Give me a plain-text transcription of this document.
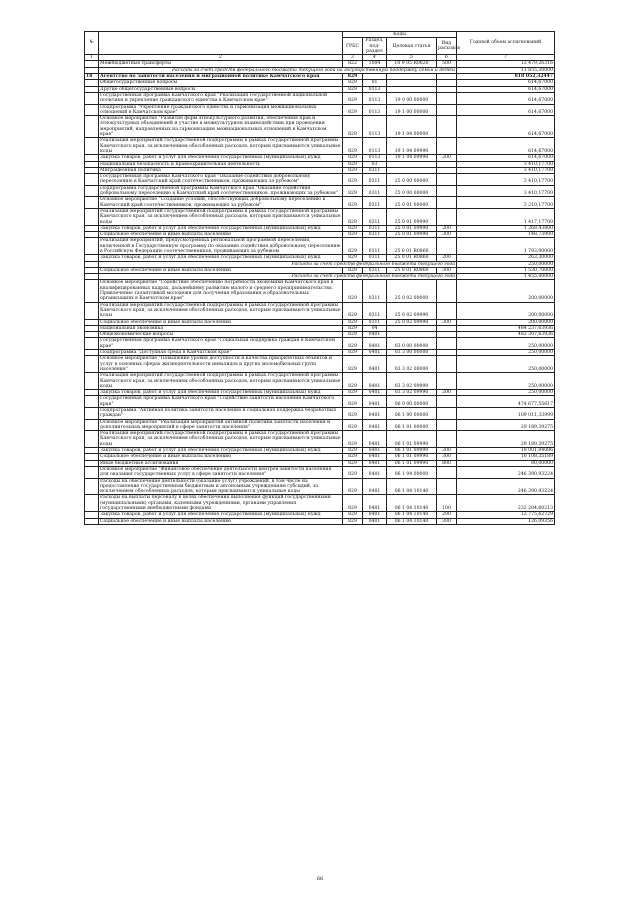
№		Коды				Годовой объем ассигнований
		ГРБС	Раздел, под-раздел	Целевая статья	Вид расходов	
1	2	3	4	5	6	7
	Межбюджетные трансферты	822	1004	10 9 05 R0820	500	12 479,26316
	Расходы за счет средств федерального бюджета текущего года на государственную поддержку семьи и детей					11 855,30000
18	Агентство по занятости населения и миграционной политике Камчатского края	829				818 052,32447
	Общегосударственные вопросы	829	01			614,67000
	Другие общегосударственные вопросы	829	0113			614,67000
	Государственная программа Камчатского края "Реализация государственной национальной политики и укрепление гражданского единства в Камчатском крае"	829	0113	19 0 00 00000		614,67000
	Подпрограмма "Укрепление гражданского единства и гармонизация межнациональных отношений в Камчатском крае"	829	0113	19 1 00 00000		614,67000
	Основное мероприятие "Развитие форм этнокультурного развития, обеспечения прав и этнокультурных объединений и участие в межкультурном взаимодействии при проведении мероприятий, направленных на гармонизацию межнациональных отношений в Камчатском крае"	829	0113	19 1 04 00000		614,67000
	Реализация мероприятий государственной подпрограммы в рамках государственной программы Камчатского края, за исключением обособленных расходов, которым присваиваются уникальные коды	829	0113	19 1 04 09990		614,67000
	Закупка товаров, работ и услуг для обеспечения государственных (муниципальных) нужд	829	0113	19 1 04 09990	200	614,67000
	Национальная безопасность и правоохранительная деятельность	829	03			3 410,17700
	Миграционная политика	829	0311			3 410,17700
	Государственная программа Камчатского края "Оказание содействия добровольному переселению в Камчатский край соотечественников, проживающих за рубежом"	829	0311	25 0 00 00000		3 410,17700
	Подпрограмма государственной программы Камчатского края "Оказание содействия добровольному переселению в Камчатский край соотечественников, проживающих за рубежом"	829	0311	25 0 00 00000		3 410,17700
	Основное мероприятие "Создание условий, способствующих добровольному переселению в Камчатский край соотечественников, проживающих за рубежом"	829	0311	25 0 01 00000		3 210,17700
	Реализация мероприятий государственной подпрограммы в рамках государственной программы Камчатского края, за исключением обособленных расходов, которым присваиваются уникальные коды	829	0311	25 0 01 09990		1 417,17700
	Закупка товаров, работ и услуг для обеспечения государственных (муниципальных) нужд	829	0311	25 0 01 09990	200	1 268,43800
	Социальное обеспечение и иные выплаты населению	829	0311	25 0 01 09990	300	148,73900
	Реализация мероприятий, предусмотренных региональной программой переселения, включенной в Государственную программу по оказанию содействия добровольному переселению в Российскую Федерацию соотечественников, проживающих за рубежом	829	0311	25 0 01 R0860		1 793,00000
	Закупка товаров, работ и услуг для обеспечения государственных (муниципальных) нужд	829	0311	25 0 01 R0860	200	263,30000
	Расходы за счет средств федерального бюджета текущего года					250,00000
	Социальное обеспечение и иные выплаты населению	829	0311	25 0 01 R0860	300	1 530,70000
	Расходы за счет средств федерального бюджета текущего года					1 455,00000
	Основное мероприятие "Содействие обеспечению потребности экономики Камчатского края в квалифицированных кадрах, дальнейшему развитию малого и среднего предпринимательства. Привлечение талантливой молодежи для получения образования в образовательных организациях в Камчатском крае"	829	0311	25 0 02 00000		200,00000
	Реализация мероприятий государственной подпрограммы в рамках государственной программы Камчатского края, за исключением обособленных расходов, которым присваиваются уникальные коды	829	0311	25 0 02 09990		200,00000
	Социальное обеспечение и иные выплаты населению	829	0311	25 0 02 09990	300	200,00000
	Национальная экономика	829	04			484 237,63936
	Общеэкономические вопросы	829	0401			482 307,63936
	Государственная программа Камчатского края "Социальная поддержка граждан в Камчатском крае"	829	0401	03 0 00 00000		250,00000
	Подпрограмма "Доступная среда в Камчатском крае"	829	0401	03 3 00 00000		250,00000
	Основное мероприятие "Повышение уровня доступности и качества приоритетных объектов и услуг в основных сферах жизнедеятельности инвалидов и других маломобильных групп населения"	829	0401	03 3 02 00000		250,00000
	Реализация мероприятий государственной подпрограммы в рамках государственной программы Камчатского края, за исключением обособленных расходов, которым присваиваются уникальные коды	829	0401	03 3 02 09990		250,00000
	Закупка товаров, работ и услуг для обеспечения государственных (муниципальных) нужд	829	0401	03 3 02 09990	200	250,00000
	Государственная программа Камчатского края "Содействие занятости населения Камчатского края"	829	0401	06 0 00 00000		474 677,55617
	Подпрограмма "Активная политика занятости населения и социальная поддержка безработных граждан"	829	0401	06 1 00 00000		109 011,33999
	Основное мероприятие "Реализация мероприятий активной политики занятости населения и дополнительных мероприятий в сфере занятости населения"	829	0401	06 1 01 00000		29 189,39275
	Реализация мероприятий государственной подпрограммы в рамках государственной программы Камчатского края, за исключением обособленных расходов, которым присваиваются уникальные коды	829	0401	06 1 01 09990		29 189,39275
	Закупка товаров, работ и услуг для обеспечения государственных (муниципальных) нужд	829	0401	06 1 01 09990	200	19 001,04086
	Социальное обеспечение и иные выплаты населению	829	0401	06 1 01 09990	300	10 108,35189
	Иные бюджетные ассигнования	829	0401	06 1 01 09990	800	80,00000
	Основное мероприятие "Финансовое обеспечение деятельности центров занятости населения для оказания государственных услуг в сфере занятости населения"	829	0401	06 1 04 00000		246 390,93224
	Расходы на обеспечение деятельности (оказание услуг) учреждений, в том числе на предоставление государственным бюджетным и автономным учреждениям субсидий, за исключением обособленных расходов, которым присваиваются уникальные коды	829	0401	06 1 04 10140		246 390,93224
	Расходы на выплаты персоналу в целях обеспечения выполнения функций государственными (муниципальными) органами, казенными учреждениями, органами управления государственными внебюджетными фондами	829	0401	06 1 04 10140	100	232 204,60213
	Закупка товаров, работ и услуг для обеспечения государственных (муниципальных) нужд	829	0401	06 1 04 10140	200	12 775,62729
	Социальное обеспечение и иные выплаты населению	829	0401	06 1 04 10140	300	126,09356
66
